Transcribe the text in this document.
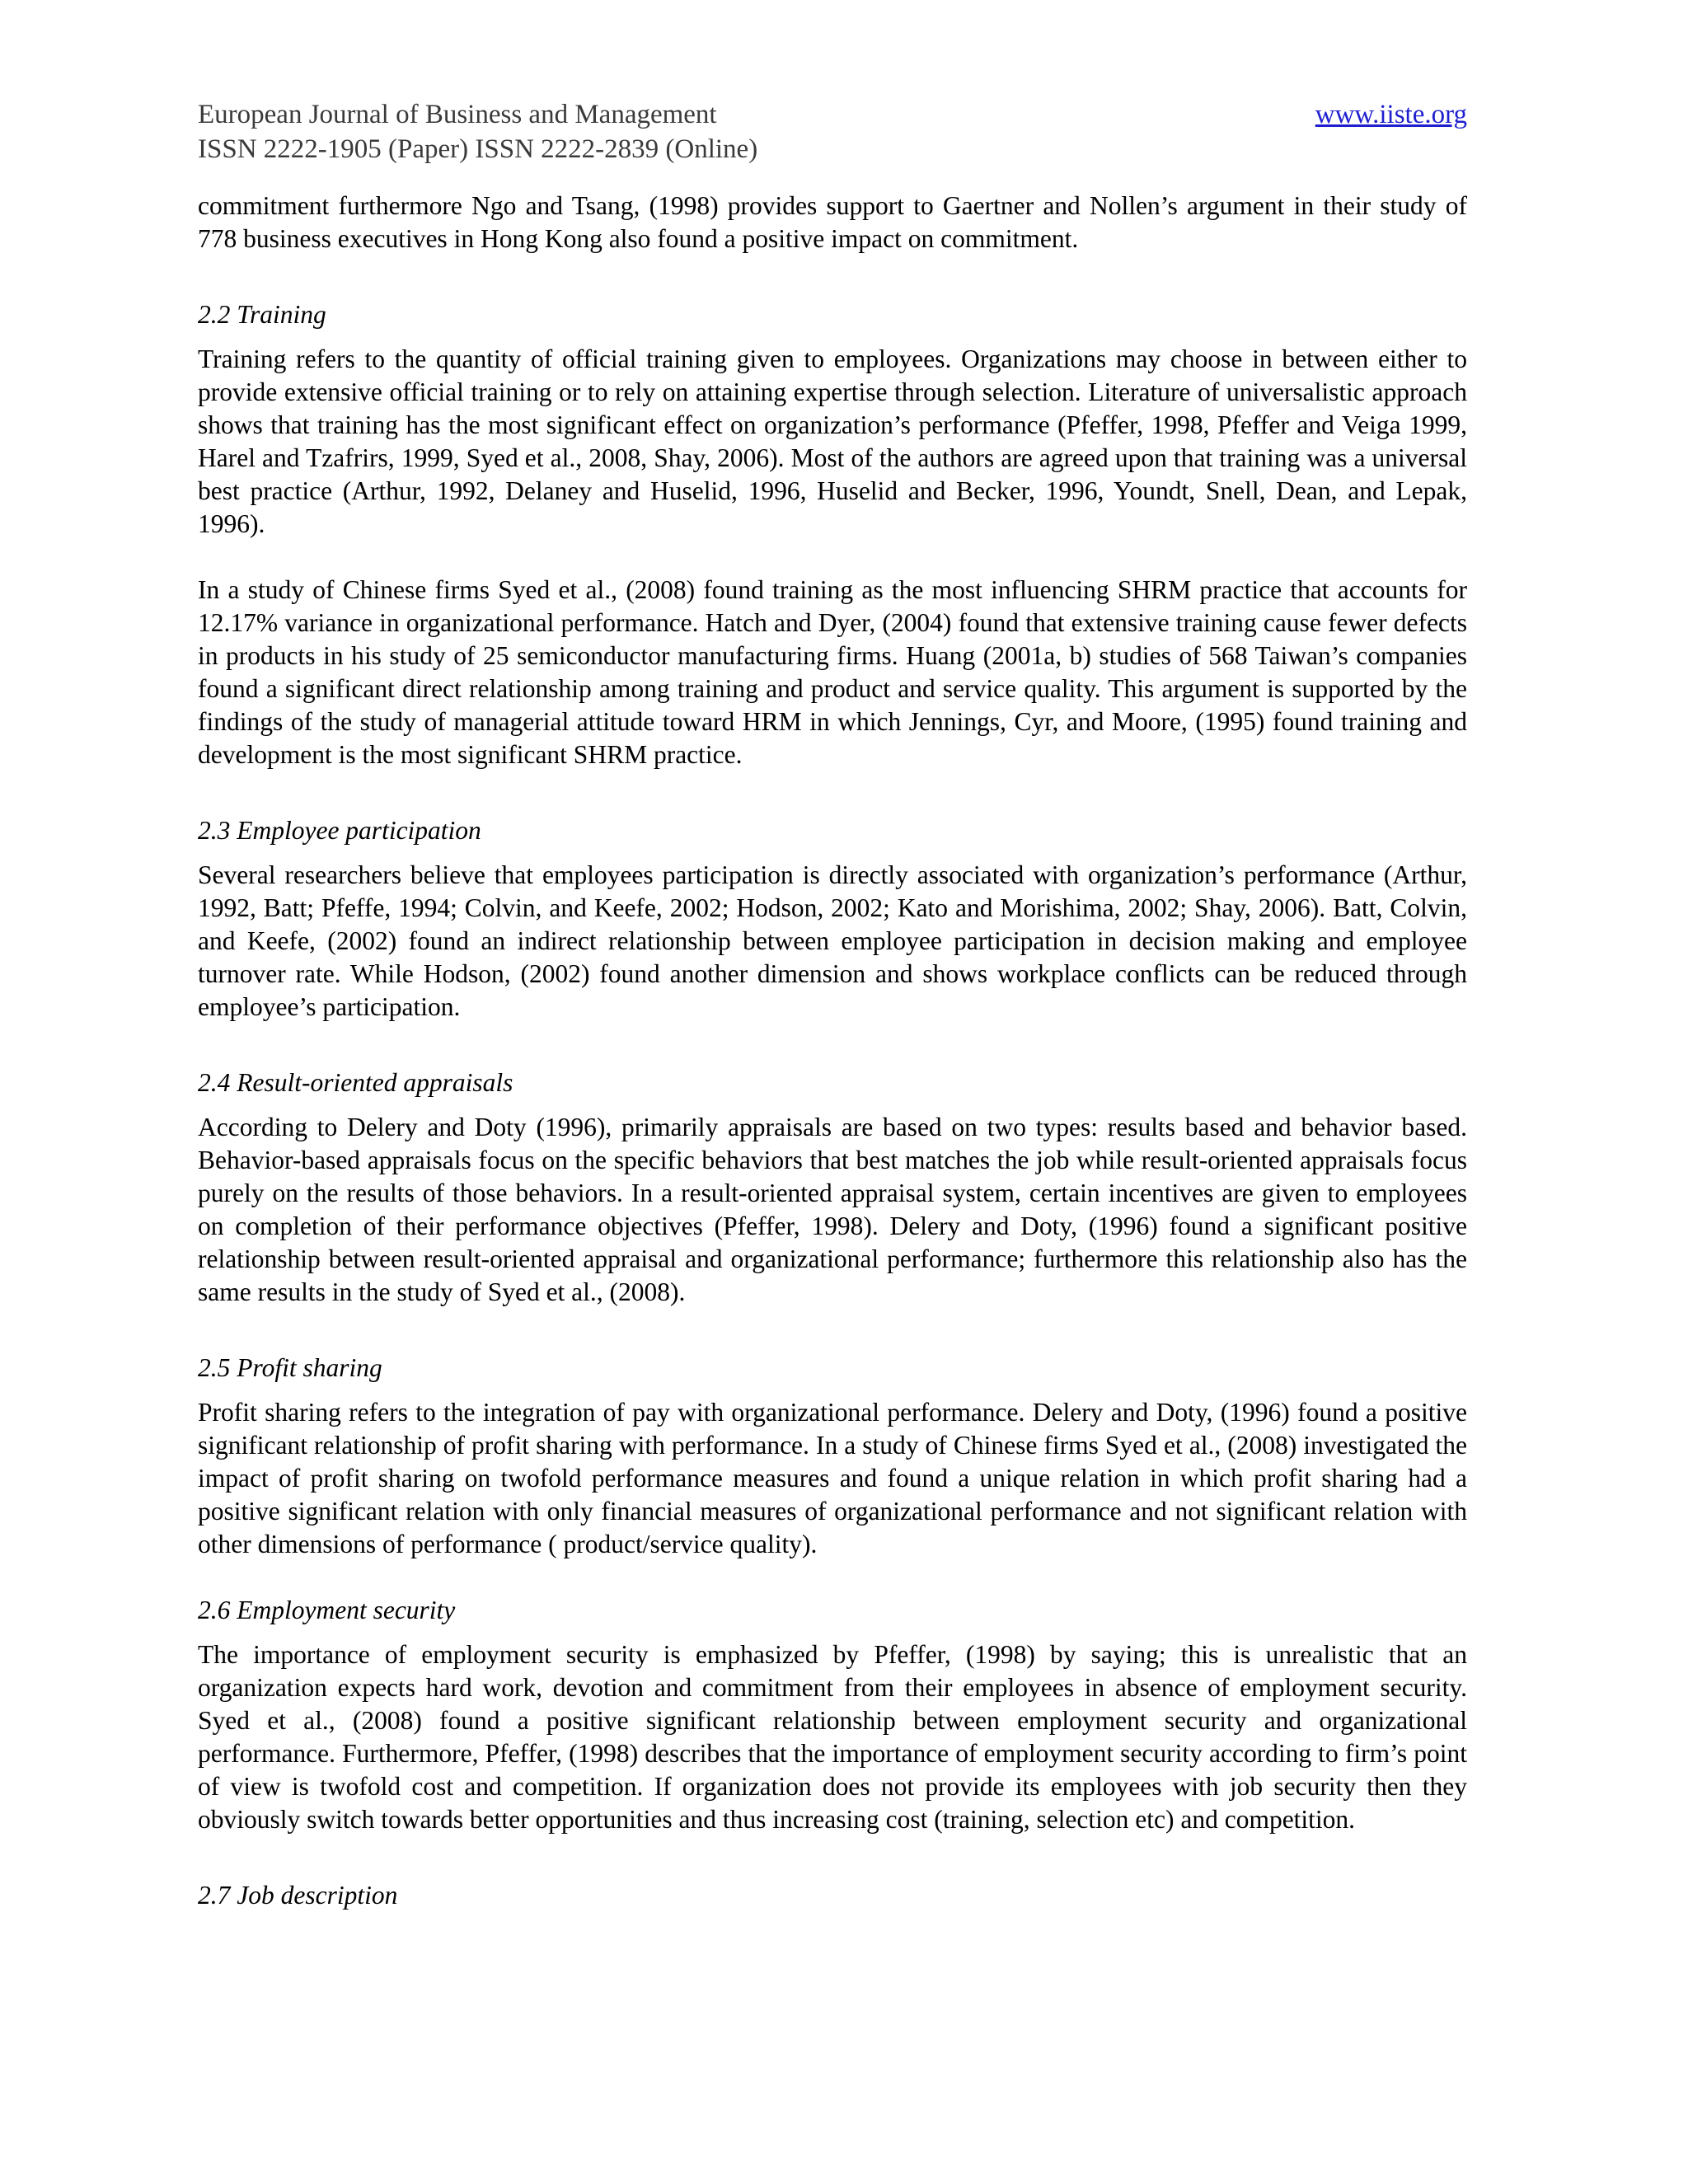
European Journal of Business and Management	www.iiste.org
ISSN 2222-1905 (Paper) ISSN 2222-2839 (Online)

commitment furthermore Ngo and Tsang, (1998) provides support to Gaertner and Nollen’s argument in their study of 778 business executives in Hong Kong also found a positive impact on commitment.

2.2 Training

Training refers to the quantity of official training given to employees. Organizations may choose in between either to provide extensive official training or to rely on attaining expertise through selection. Literature of universalistic approach shows that training has the most significant effect on organization’s performance (Pfeffer, 1998, Pfeffer and Veiga 1999, Harel and Tzafrirs, 1999, Syed et al., 2008, Shay, 2006). Most of the authors are agreed upon that training was a universal best practice (Arthur, 1992, Delaney and Huselid, 1996, Huselid and Becker, 1996, Youndt, Snell, Dean, and Lepak, 1996).

In a study of Chinese firms Syed et al., (2008) found training as the most influencing SHRM practice that accounts for 12.17% variance in organizational performance. Hatch and Dyer, (2004) found that extensive training cause fewer defects in products in his study of 25 semiconductor manufacturing firms. Huang (2001a, b) studies of 568 Taiwan’s companies found a significant direct relationship among training and product and service quality. This argument is supported by the findings of the study of managerial attitude toward HRM in which Jennings, Cyr, and Moore, (1995) found training and development is the most significant SHRM practice.

2.3 Employee participation

Several researchers believe that employees participation is directly associated with organization’s performance (Arthur, 1992, Batt; Pfeffe, 1994; Colvin, and Keefe, 2002; Hodson, 2002; Kato and Morishima, 2002; Shay, 2006). Batt, Colvin, and Keefe, (2002) found an indirect relationship between employee participation in decision making and employee turnover rate. While Hodson, (2002) found another dimension and shows workplace conflicts can be reduced through employee’s participation.

2.4 Result-oriented appraisals

According to Delery and Doty (1996), primarily appraisals are based on two types: results based and behavior based. Behavior-based appraisals focus on the specific behaviors that best matches the job while result-oriented appraisals focus purely on the results of those behaviors. In a result-oriented appraisal system, certain incentives are given to employees on completion of their performance objectives (Pfeffer, 1998). Delery and Doty, (1996) found a significant positive relationship between result-oriented appraisal and organizational performance; furthermore this relationship also has the same results in the study of Syed et al., (2008).

2.5 Profit sharing

Profit sharing refers to the integration of pay with organizational performance. Delery and Doty, (1996) found a positive significant relationship of profit sharing with performance. In a study of Chinese firms Syed et al., (2008) investigated the impact of profit sharing on twofold performance measures and found a unique relation in which profit sharing had a positive significant relation with only financial measures of organizational performance and not significant relation with other dimensions of performance ( product/service quality).

2.6 Employment security

The importance of employment security is emphasized by Pfeffer, (1998) by saying; this is unrealistic that an organization expects hard work, devotion and commitment from their employees in absence of employment security. Syed et al., (2008) found a positive significant relationship between employment security and organizational performance. Furthermore, Pfeffer, (1998) describes that the importance of employment security according to firm’s point of view is twofold cost and competition. If organization does not provide its employees with job security then they obviously switch towards better opportunities and thus increasing cost (training, selection etc) and competition.

2.7 Job description
